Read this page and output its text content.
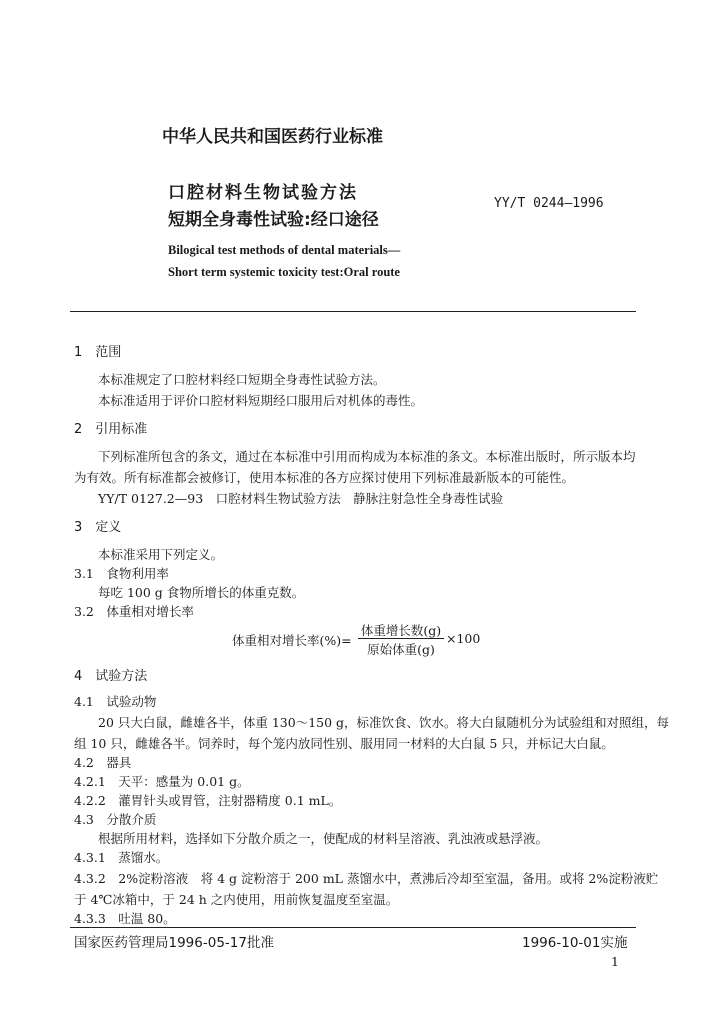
中华人民共和国医药行业标准
口腔材料生物试验方法
短期全身毒性试验:经口途径
YY/T 0244—1996
Bilogical test methods of dental materials—
Short term systemic toxicity test:Oral route
1　范围
本标准规定了口腔材料经口短期全身毒性试验方法。
本标准适用于评价口腔材料短期经口服用后对机体的毒性。
2　引用标准
下列标准所包含的条文，通过在本标准中引用而构成为本标准的条文。本标准出版时，所示版本均
为有效。所有标准都会被修订，使用本标准的各方应探讨使用下列标准最新版本的可能性。
YY/T 0127.2—93　口腔材料生物试验方法　静脉注射急性全身毒性试验
3　定义
本标准采用下列定义。
3.1　食物利用率
每吃 100 g 食物所增长的体重克数。
3.2　体重相对增长率
体重相对增长率(%)=
体重增长数(g)
原始体重(g)
×100
4　试验方法
4.1　试验动物
20 只大白鼠，雌雄各半，体重 130～150 g，标准饮食、饮水。将大白鼠随机分为试验组和对照组，每
组 10 只，雌雄各半。饲养时，每个笼内放同性别、服用同一材料的大白鼠 5 只，并标记大白鼠。
4.2　器具
4.2.1　天平：感量为 0.01 g。
4.2.2　灌胃针头或胃管，注射器精度 0.1 mL。
4.3　分散介质
根据所用材料，选择如下分散介质之一，使配成的材料呈溶液、乳浊液或悬浮液。
4.3.1　蒸馏水。
4.3.2　2%淀粉溶液　将 4 g 淀粉溶于 200 mL 蒸馏水中，煮沸后冷却至室温，备用。或将 2%淀粉液贮
于 4℃冰箱中，于 24 h 之内使用，用前恢复温度至室温。
4.3.3　吐温 80。
国家医药管理局1996-05-17批准	1996-10-01实施
1
